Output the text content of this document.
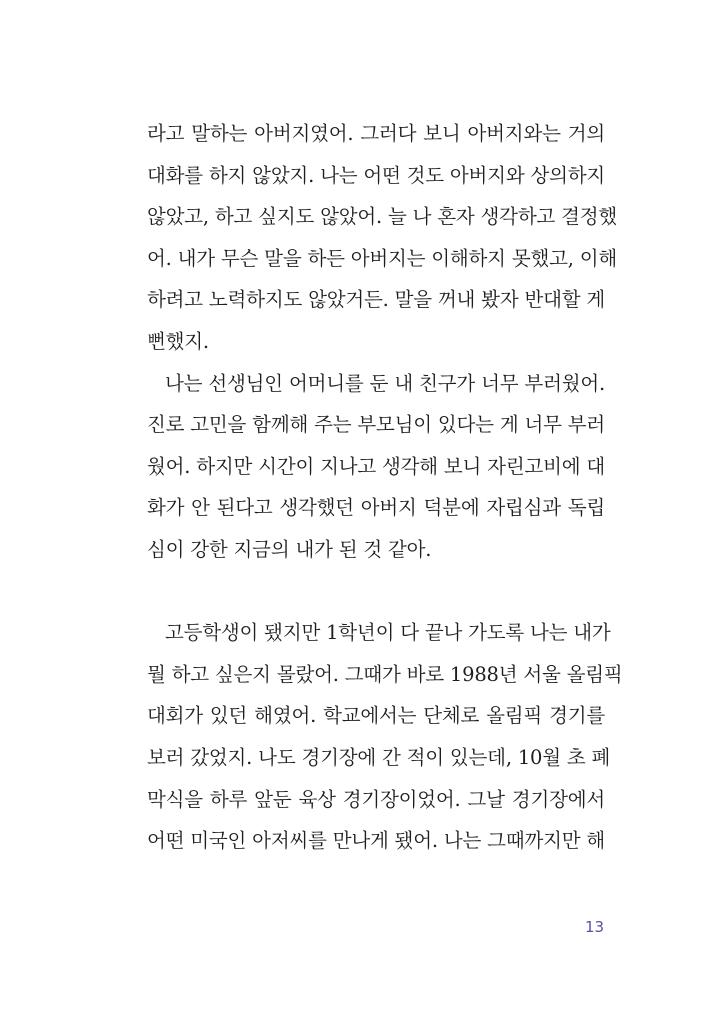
라고 말하는 아버지였어. 그러다 보니 아버지와는 거의
대화를 하지 않았지. 나는 어떤 것도 아버지와 상의하지
않았고, 하고 싶지도 않았어. 늘 나 혼자 생각하고 결정했
어. 내가 무슨 말을 하든 아버지는 이해하지 못했고, 이해
하려고 노력하지도 않았거든. 말을 꺼내 봤자 반대할 게
뻔했지.
나는 선생님인 어머니를 둔 내 친구가 너무 부러웠어.
진로 고민을 함께해 주는 부모님이 있다는 게 너무 부러
웠어. 하지만 시간이 지나고 생각해 보니 자린고비에 대
화가 안 된다고 생각했던 아버지 덕분에 자립심과 독립
심이 강한 지금의 내가 된 것 같아.
고등학생이 됐지만 1학년이 다 끝나 가도록 나는 내가
뭘 하고 싶은지 몰랐어. 그때가 바로 1988년 서울 올림픽
대회가 있던 해였어. 학교에서는 단체로 올림픽 경기를
보러 갔었지. 나도 경기장에 간 적이 있는데, 10월 초 폐
막식을 하루 앞둔 육상 경기장이었어. 그날 경기장에서
어떤 미국인 아저씨를 만나게 됐어. 나는 그때까지만 해
13
